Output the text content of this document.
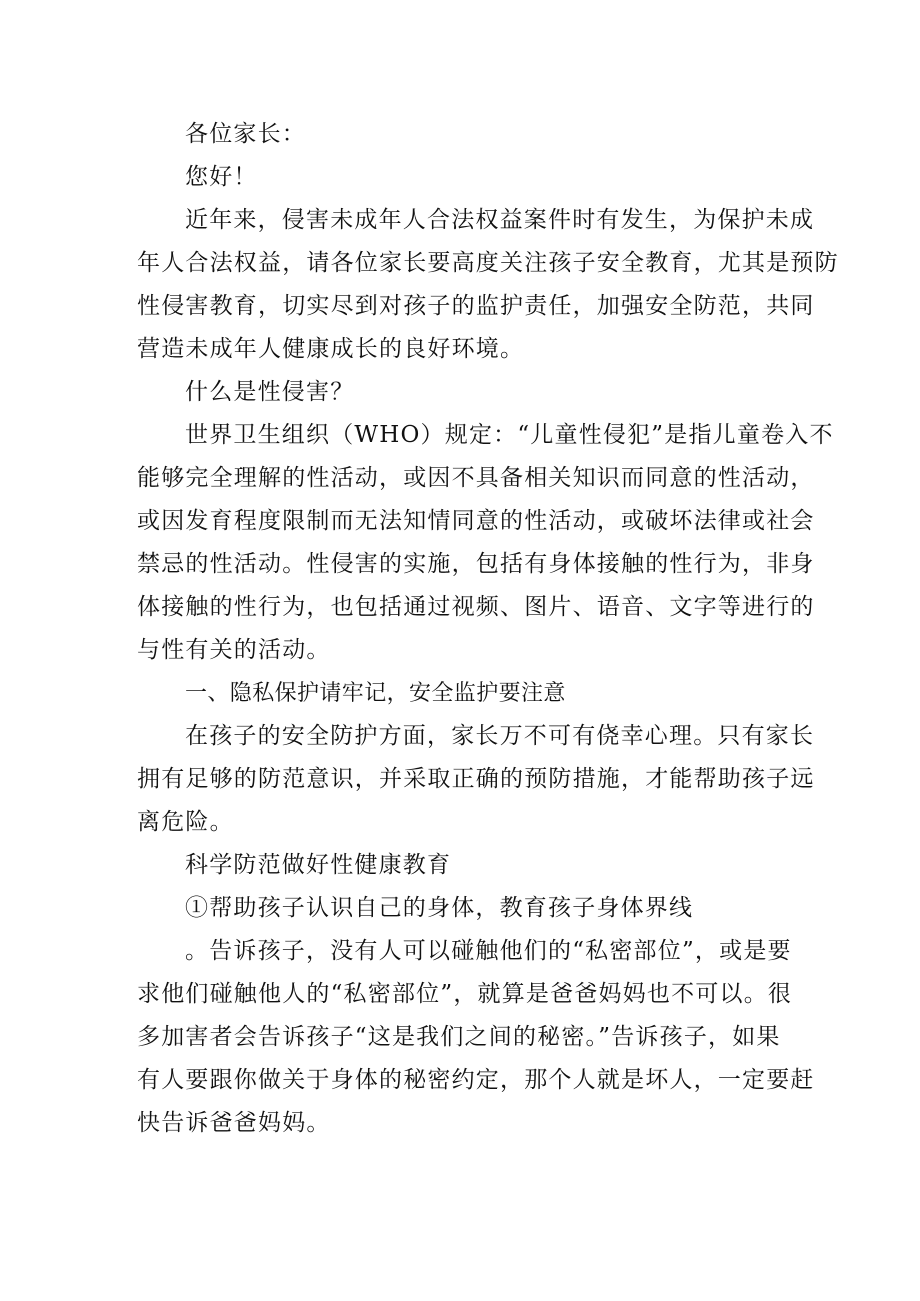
各位家长：

您好！

近年来，侵害未成年人合法权益案件时有发生，为保护未成

年人合法权益，请各位家长要高度关注孩子安全教育，尤其是预防

性侵害教育，切实尽到对孩子的监护责任，加强安全防范，共同

营造未成年人健康成长的良好环境。

什么是性侵害？

世界卫生组织（WHO）规定：“儿童性侵犯”是指儿童卷入不

能够完全理解的性活动，或因不具备相关知识而同意的性活动，

或因发育程度限制而无法知情同意的性活动，或破坏法律或社会

禁忌的性活动。性侵害的实施，包括有身体接触的性行为，非身

体接触的性行为，也包括通过视频、图片、语音、文字等进行的

与性有关的活动。

一、隐私保护请牢记，安全监护要注意

在孩子的安全防护方面，家长万不可有侥幸心理。只有家长

拥有足够的防范意识，并采取正确的预防措施，才能帮助孩子远

离危险。

科学防范做好性健康教育

①帮助孩子认识自己的身体，教育孩子身体界线

。告诉孩子，没有人可以碰触他们的“私密部位”，或是要

求他们碰触他人的“私密部位”，就算是爸爸妈妈也不可以。很

多加害者会告诉孩子“这是我们之间的秘密。”告诉孩子，如果

有人要跟你做关于身体的秘密约定，那个人就是坏人，一定要赶

快告诉爸爸妈妈。
